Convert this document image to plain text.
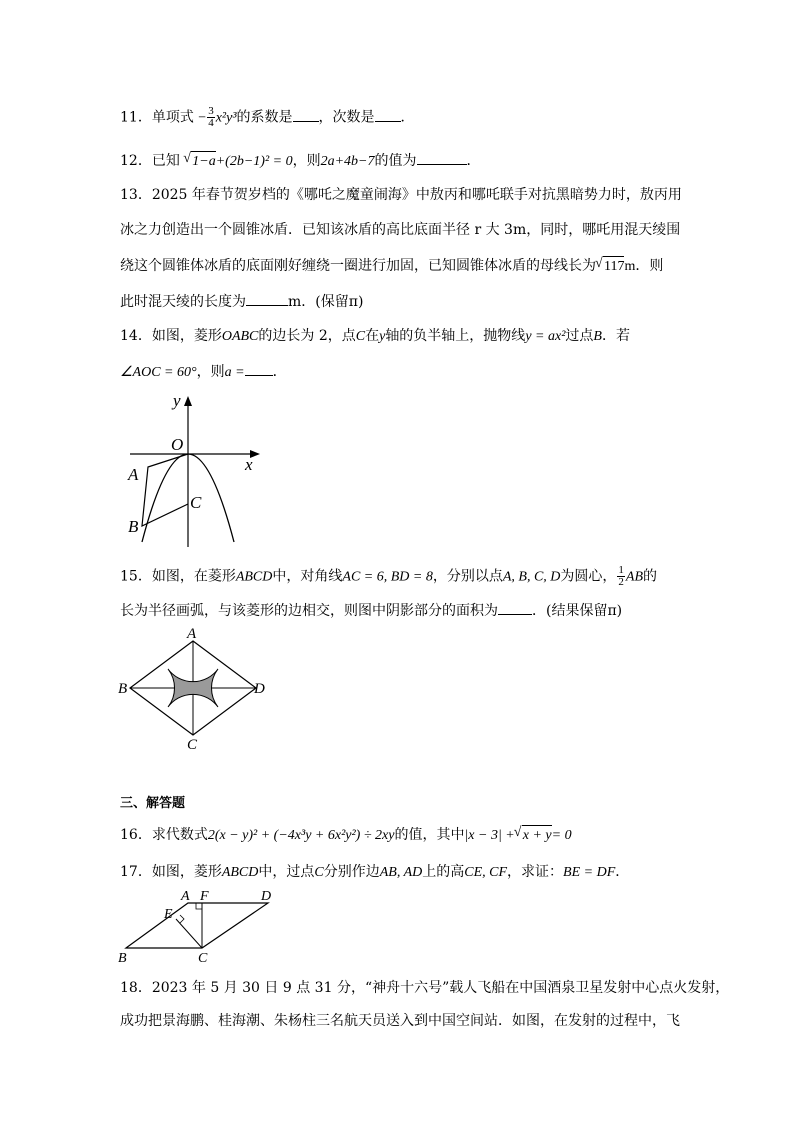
11．单项式 − $\frac{3}{4} x^2y^3$的系数是 ，次数是 ．
12．已知 √ 1−a+(2b−1)² = 0，则2a+4b−7的值为	．
13．2025 年春节贺岁档的《哪吒之魔童闹海》中敖丙和哪吒联手对抗黑暗势力时，敖丙用
冰之力创造出一个圆锥冰盾．已知该冰盾的高比底面半径 r 大 3m，同时，哪吒用混天绫围
绕这个圆锥体冰盾的底面刚好缠绕一圈进行加固，已知圆锥体冰盾的母线长为 √ 117m．则
此时混天绫的长度为	m．(保留π)
14．如图，菱形OABC的边长为 2，点C在y轴的负半轴上，抛物线y = ax²过点B．若
∠AOC = 60°，则a = ．
y
x
O
A
B
C
15．如图，在菱形ABCD中，对角线AC = 6, BD = 8，分别以点A, B, C, D为圆心， $\frac{1}{2}$ AB的
长为半径画弧，与该菱形的边相交，则图中阴影部分的面积为 ．(结果保留π)
A
B	D
C
三、解答题
16．求代数式2(x − y)² + (−4x³y + 6x²y²) ÷ 2xy的值，其中|x − 3| + √ x + y= 0
17．如图，菱形ABCD中，过点C分别作边AB, AD上的高CE, CF，求证：BE = DF．
A F	D
E
B	C
18．2023 年 5 月 30 日 9 点 31 分，“神舟十六号”载人飞船在中国酒泉卫星发射中心点火发射，
成功把景海鹏、桂海潮、朱杨柱三名航天员送入到中国空间站．如图，在发射的过程中，飞
